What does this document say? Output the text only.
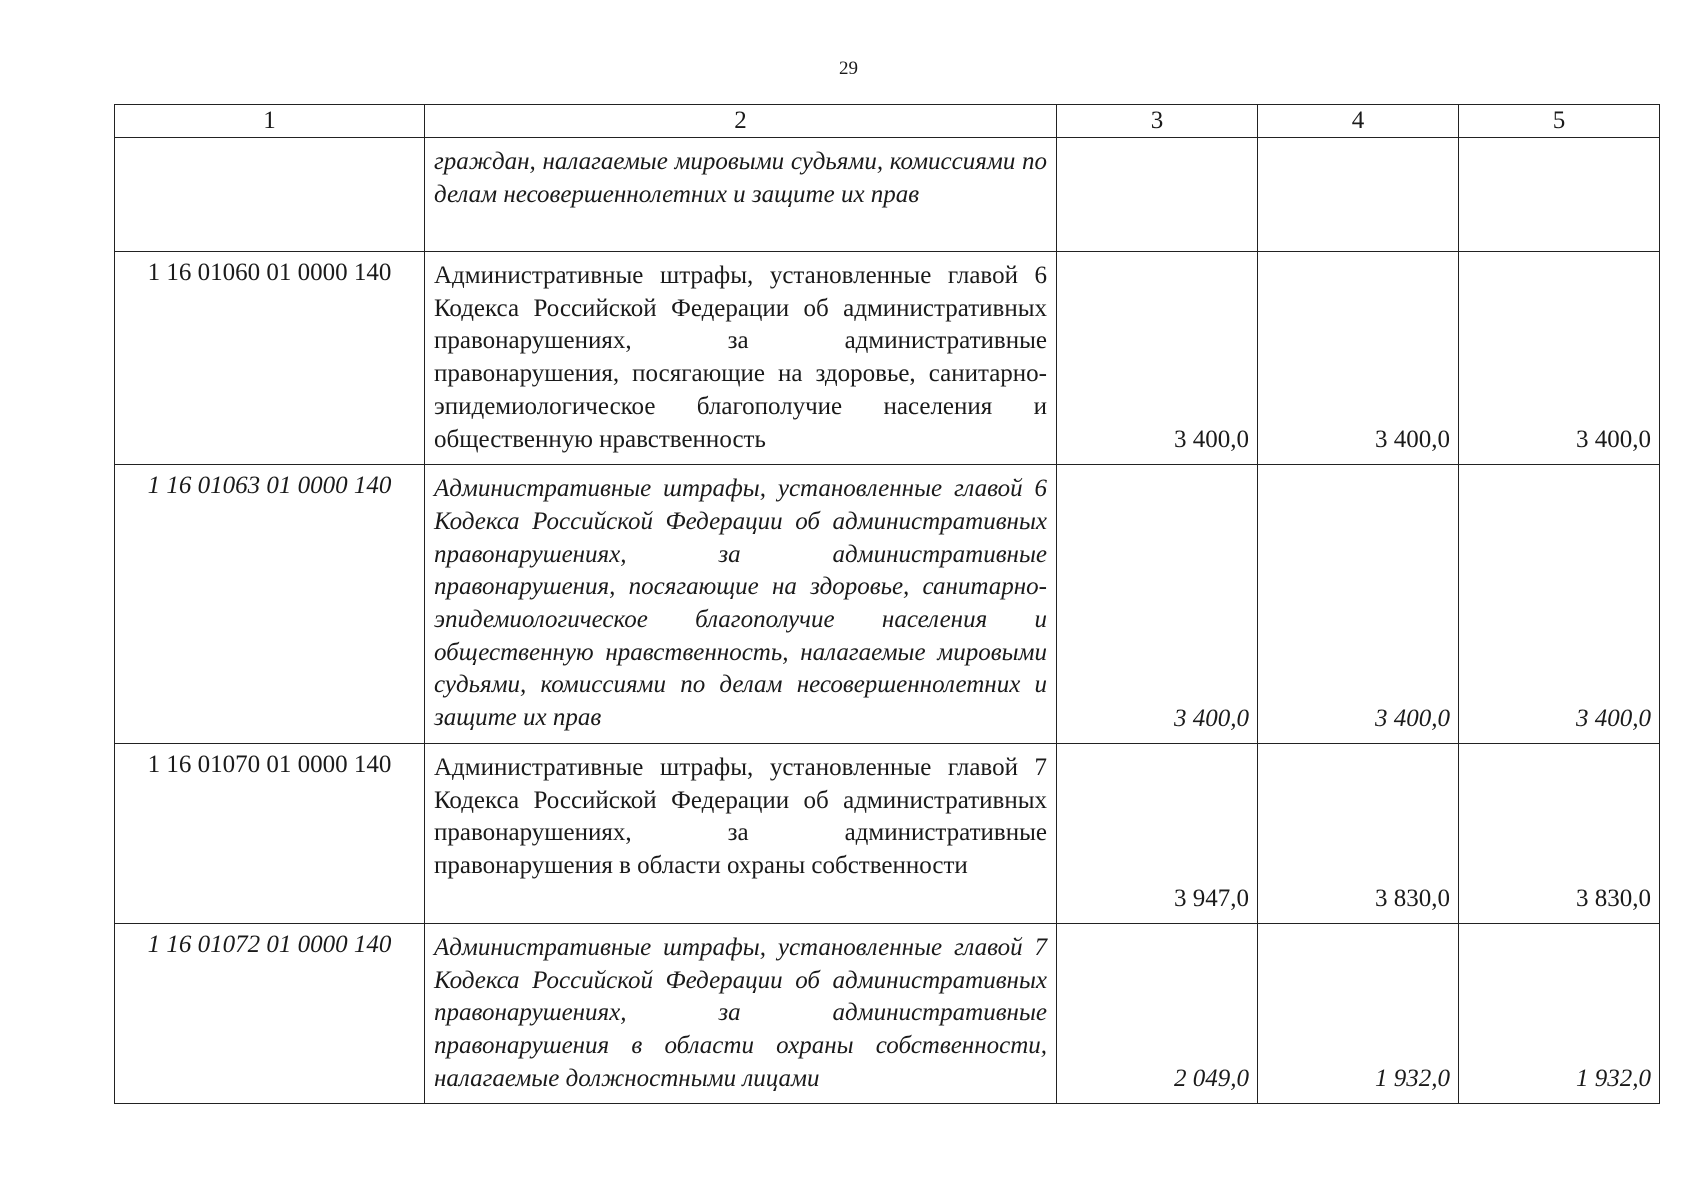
29
1	2	3	4	5

	граждан, налагаемые мировыми судьями, комиссиями по делам несовершеннолетних и защите их прав			

1 16 01060 01 0000 140	Административные штрафы, установленные главой 6 Кодекса Российской Федерации об административных правонарушениях, за административные правонарушения, посягающие на здоровье, санитарно-эпидемиологическое благополучие населения и общественную нравственность	3 400,0	3 400,0	3 400,0
1 16 01063 01 0000 140	Административные штрафы, установленные главой 6 Кодекса Российской Федерации об административных правонарушениях, за административные правонарушения, посягающие на здоровье, санитарно-эпидемиологическое благополучие населения и общественную нравственность, налагаемые мировыми судьями, комиссиями по делам несовершеннолетних и защите их прав	3 400,0	3 400,0	3 400,0
1 16 01070 01 0000 140	Административные штрафы, установленные главой 7 Кодекса Российской Федерации об административных правонарушениях, за административные правонарушения в области охраны собственности	3 947,0	3 830,0	3 830,0
1 16 01072 01 0000 140	Административные штрафы, установленные главой 7 Кодекса Российской Федерации об административных правонарушениях, за административные правонарушения в области охраны собственности, налагаемые должностными лицами	2 049,0	1 932,0	1 932,0
